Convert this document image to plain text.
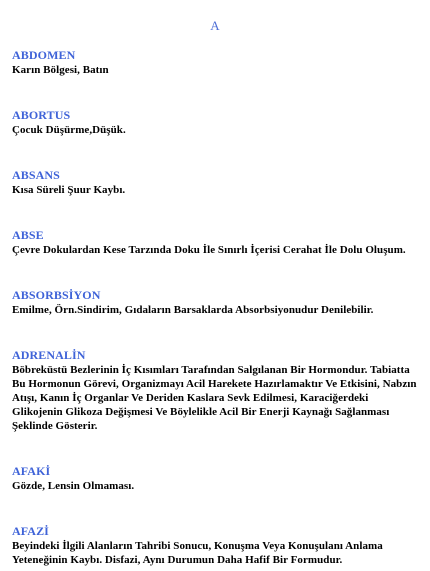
A
ABDOMEN
Karın Bölgesi, Batın
ABORTUS
Çocuk Düşürme,Düşük.
ABSANS
Kısa Süreli Şuur Kaybı.
ABSE
Çevre Dokulardan Kese Tarzında Doku İle Sınırlı İçerisi Cerahat İle Dolu Oluşum.
ABSORBSİYON
Emilme, Örn.Sindirim, Gıdaların Barsaklarda Absorbsiyonudur Denilebilir.
ADRENALİN
Böbreküstü Bezlerinin İç Kısımları Tarafından Salgılanan Bir Hormondur. Tabiatta Bu Hormonun Görevi, Organizmayı Acil Harekete Hazırlamaktır Ve Etkisini, Nabzın Atışı, Kanın İç Organlar Ve Deriden Kaslara Sevk Edilmesi, Karaciğerdeki Glikojenin Glikoza Değişmesi Ve Böylelikle Acil Bir Enerji Kaynağı Sağlanması Şeklinde Gösterir.
AFAKİ
Gözde, Lensin Olmaması.
AFAZİ
Beyindeki İlgili Alanların Tahribi Sonucu, Konuşma Veya Konuşulanı Anlama Yeteneğinin Kaybı. Disfazi, Aynı Durumun Daha Hafif Bir Formudur.
